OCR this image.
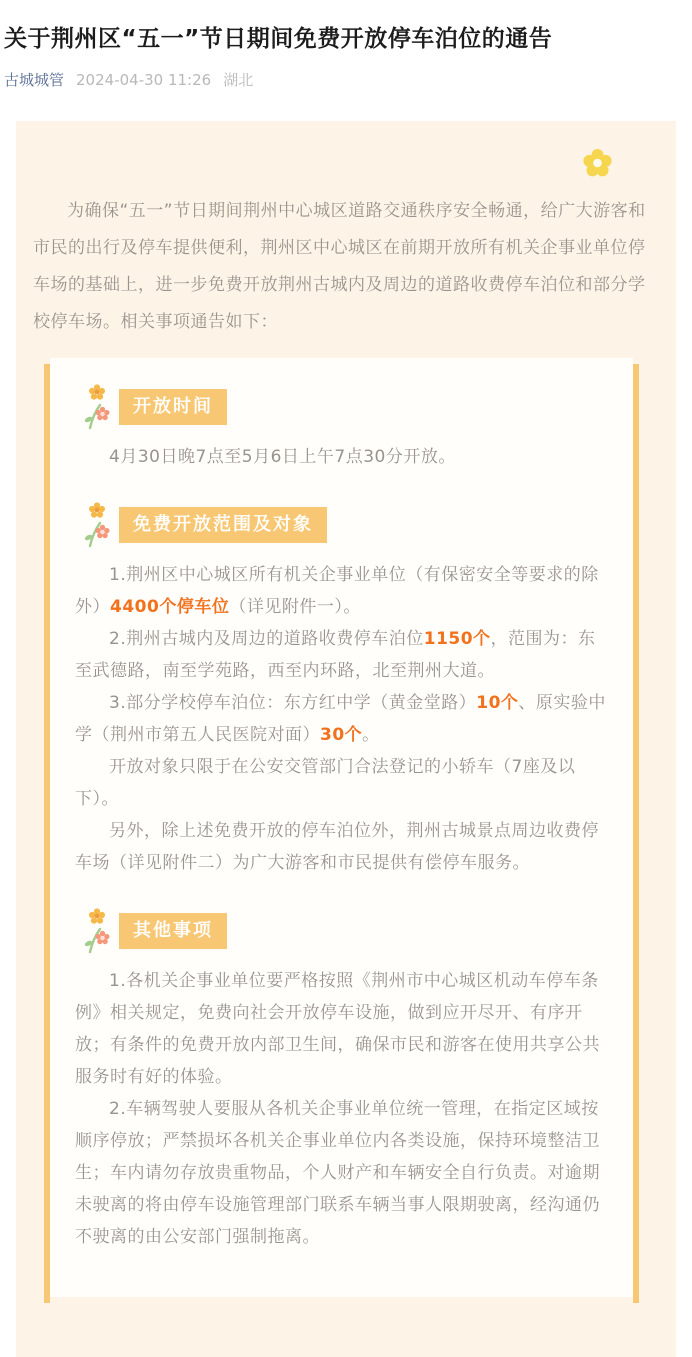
关于荆州区“五一”节日期间免费开放停车泊位的通告
古城城管 2024-04-30 11:26 湖北

为确保“五一”节日期间荆州中心城区道路交通秩序安全畅通，给广大游客和市民的出行及停车提供便利，荆州区中心城区在前期开放所有机关企事业单位停车场的基础上，进一步免费开放荆州古城内及周边的道路收费停车泊位和部分学校停车场。相关事项通告如下：

开放时间

4月30日晚7点至5月6日上午7点30分开放。

免费开放范围及对象

1.荆州区中心城区所有机关企事业单位（有保密安全等要求的除外）4400个停车位（详见附件一）。

2.荆州古城内及周边的道路收费停车泊位1150个，范围为：东至武德路，南至学苑路，西至内环路，北至荆州大道。

3.部分学校停车泊位：东方红中学（黄金堂路）10个、原实验中学（荆州市第五人民医院对面）30个。

开放对象只限于在公安交管部门合法登记的小轿车（7座及以下）。

另外，除上述免费开放的停车泊位外，荆州古城景点周边收费停车场（详见附件二）为广大游客和市民提供有偿停车服务。

其他事项

1.各机关企事业单位要严格按照《荆州市中心城区机动车停车条例》相关规定，免费向社会开放停车设施，做到应开尽开、有序开放；有条件的免费开放内部卫生间，确保市民和游客在使用共享公共服务时有好的体验。

2.车辆驾驶人要服从各机关企事业单位统一管理，在指定区域按顺序停放；严禁损坏各机关企事业单位内各类设施，保持环境整洁卫生；车内请勿存放贵重物品，个人财产和车辆安全自行负责。对逾期未驶离的将由停车设施管理部门联系车辆当事人限期驶离，经沟通仍不驶离的由公安部门强制拖离。
